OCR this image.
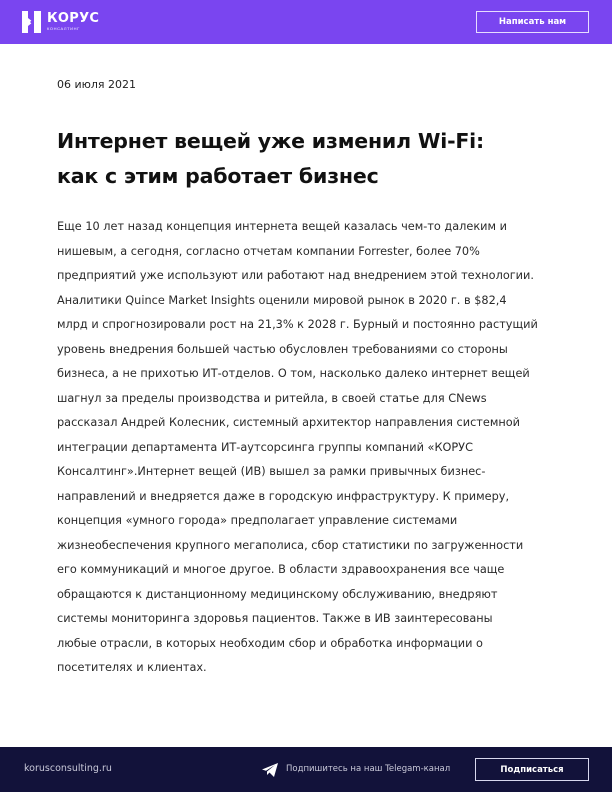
КОРУС
КОНСАЛТИНГ
Написать нам
06 июля 2021
Интернет вещей уже изменил Wi-Fi:
как с этим работает бизнес
Еще 10 лет назад концепция интернета вещей казалась чем-то далеким и
нишевым, а сегодня, согласно отчетам компании Forrester, более 70%
предприятий уже используют или работают над внедрением этой технологии.
Аналитики Quince Market Insights оценили мировой рынок в 2020 г. в $82,4
млрд и спрогнозировали рост на 21,3% к 2028 г. Бурный и постоянно растущий
уровень внедрения большей частью обусловлен требованиями со стороны
бизнеса, а не прихотью ИТ-отделов. О том, насколько далеко интернет вещей
шагнул за пределы производства и ритейла, в своей статье для CNews
рассказал Андрей Колесник, системный архитектор направления системной
интеграции департамента ИТ-аутсорсинга группы компаний «КОРУС
Консалтинг».Интернет вещей (ИВ) вышел за рамки привычных бизнес-
направлений и внедряется даже в городскую инфраструктуру. К примеру,
концепция «умного города» предполагает управление системами
жизнеобеспечения крупного мегаполиса, сбор статистики по загруженности
его коммуникаций и многое другое. В области здравоохранения все чаще
обращаются к дистанционному медицинскому обслуживанию, внедряют
системы мониторинга здоровья пациентов. Также в ИВ заинтересованы
любые отрасли, в которых необходим сбор и обработка информации о
посетителях и клиентах.
korusconsulting.ru	Подпишитесь на наш Telegam-канал	Подписаться
